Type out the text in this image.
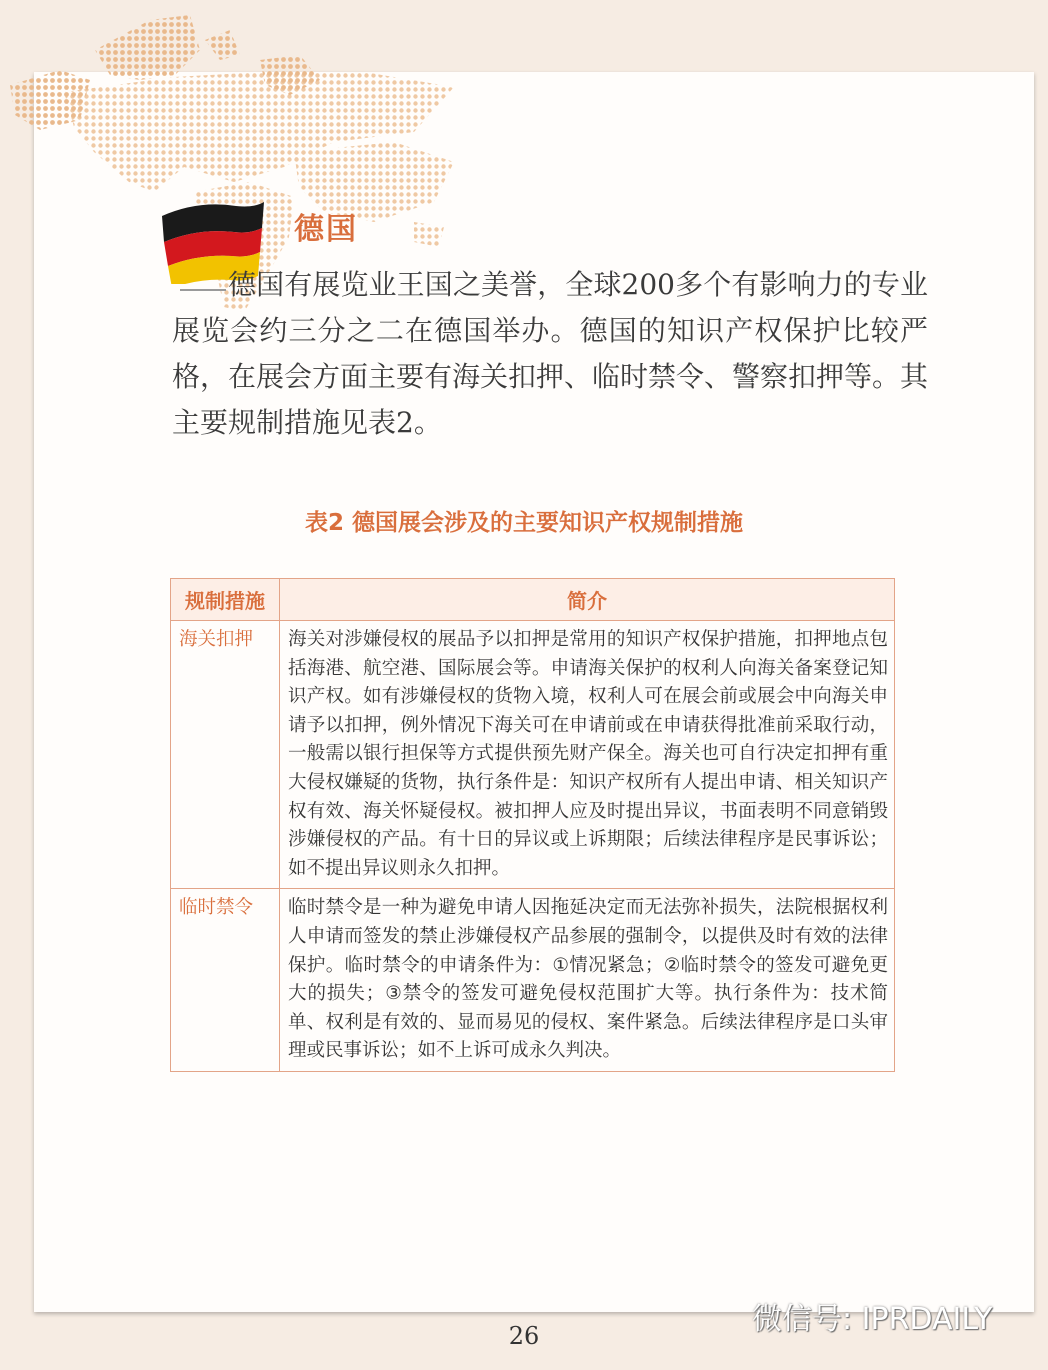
德国

德国有展览业王国之美誉，全球200多个有影响力的专业展览会约三分之二在德国举办。德国的知识产权保护比较严格，在展会方面主要有海关扣押、临时禁令、警察扣押等。其主要规制措施见表2。

表2 德国展会涉及的主要知识产权规制措施
规制措施	简介
海关扣押	海关对涉嫌侵权的展品予以扣押是常用的知识产权保护措施，扣押地点包括海港、航空港、国际展会等。申请海关保护的权利人向海关备案登记知识产权。如有涉嫌侵权的货物入境，权利人可在展会前或展会中向海关申请予以扣押，例外情况下海关可在申请前或在申请获得批准前采取行动，一般需以银行担保等方式提供预先财产保全。海关也可自行决定扣押有重大侵权嫌疑的货物，执行条件是：知识产权所有人提出申请、相关知识产权有效、海关怀疑侵权。被扣押人应及时提出异议，书面表明不同意销毁涉嫌侵权的产品。有十日的异议或上诉期限；后续法律程序是民事诉讼；如不提出异议则永久扣押。
临时禁令	临时禁令是一种为避免申请人因拖延决定而无法弥补损失，法院根据权利人申请而签发的禁止涉嫌侵权产品参展的强制令，以提供及时有效的法律保护。临时禁令的申请条件为：①情况紧急；②临时禁令的签发可避免更大的损失；③禁令的签发可避免侵权范围扩大等。执行条件为：技术简单、权利是有效的、显而易见的侵权、案件紧急。后续法律程序是口头审理或民事诉讼；如不上诉可成永久判决。
26	微信号: IPRDAILY
